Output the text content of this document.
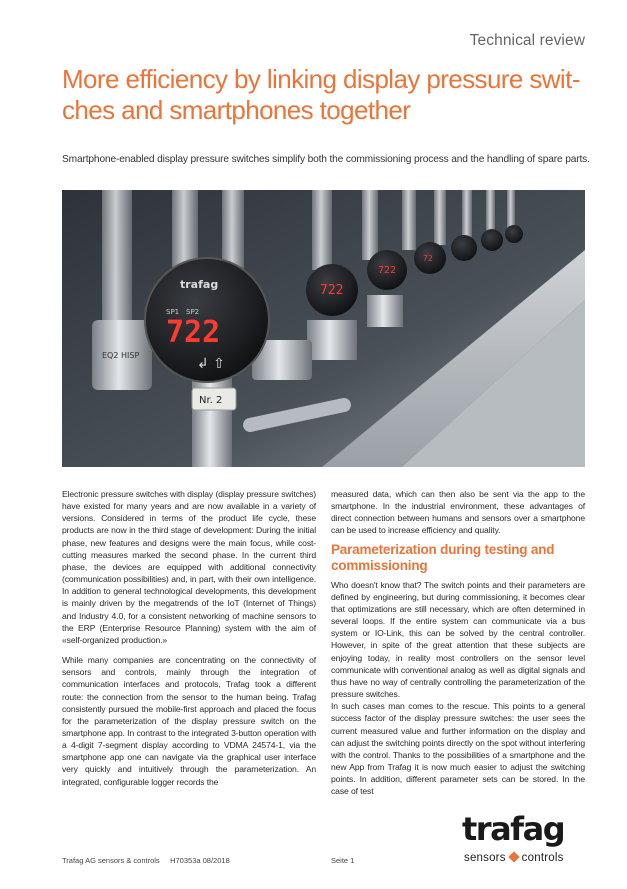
Technical review
More efficiency by linking display pressure swit-ches and smartphones together
Smartphone-enabled display pressure switches simplify both the commissioning process and the handling of spare parts.
722
722
72
EQ2 HISP
trafag
SP1 SP2
722
↲ ⇧
Nr. 2

Electronic pressure switches with display (display pressure switches) have existed for many years and are now available in a variety of versions. Considered in terms of the product life cycle, these products are now in the third stage of development: During the initial phase, new features and designs were the main focus, while cost-cutting measures marked the second phase. In the current third phase, the devices are equipped with additional connectivity (communication possibilities) and, in part, with their own intelligence. In addition to general technological developments, this development is mainly driven by the megatrends of the IoT (Internet of Things) and Industry 4.0, for a consistent networking of machine sensors to the ERP (Enterprise Resource Planning) system with the aim of «self-organized production.»

While many companies are concentrating on the connectivity of sensors and controls, mainly through the integration of communication interfaces and protocols, Trafag took a different route: the connection from the sensor to the human being. Trafag consistently pursued the mobile-first approach and placed the focus for the parameterization of the display pressure switch on the smartphone app. In contrast to the integrated 3-button operation with a 4-digit 7-segment display according to VDMA 24574-1, via the smartphone app one can navigate via the graphical user interface very quickly and intuitively through the parameterization. An integrated, configurable logger records the

measured data, which can then also be sent via the app to the smartphone. In the industrial environment, these advantages of direct connection between humans and sensors over a smartphone can be used to increase efficiency and quality.

Parameterization during testing and commissioning

Who doesn't know that? The switch points and their parameters are defined by engineering, but during commissioning, it becomes clear that optimizations are still necessary, which are often determined in several loops. If the entire system can communicate via a bus system or IO-Link, this can be solved by the central controller. However, in spite of the great attention that these subjects are enjoying today, in reality most controllers on the sensor level communicate with conventional analog as well as digital signals and thus have no way of centrally controlling the parameterization of the pressure switches.

In such cases man comes to the rescue. This points to a general success factor of the display pressure switches: the user sees the current measured value and further information on the display and can adjust the switching points directly on the spot without interfering with the control. Thanks to the possibilities of a smartphone and the new App from Trafag it is now much easier to adjust the switching points. In addition, different parameter sets can be stored. In the case of test

Trafag AG sensors & controls     H70353a 08/2018	Seite 1
trafag
sensors controls
